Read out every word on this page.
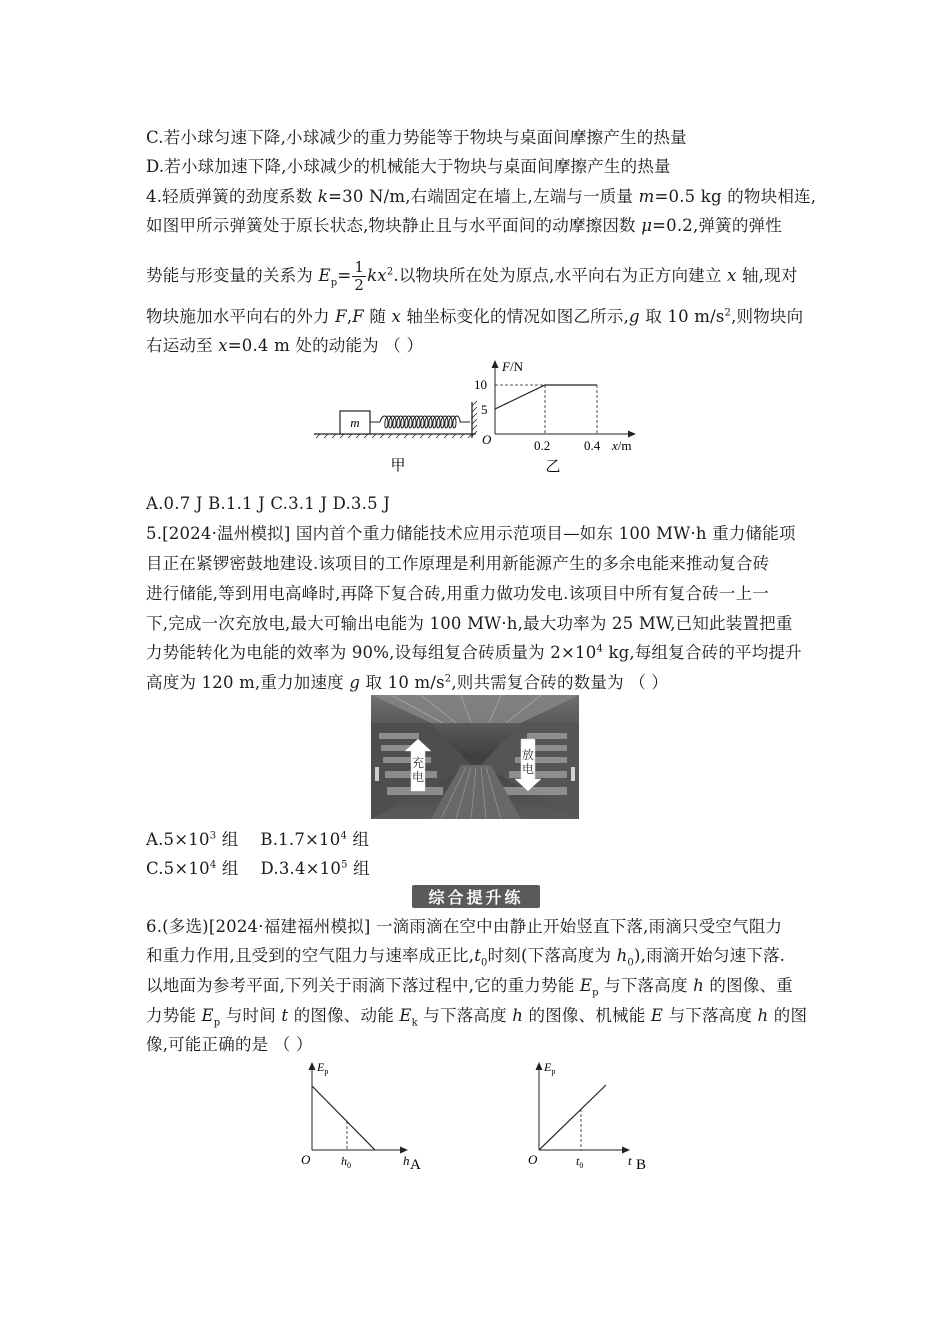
C.若小球匀速下降,小球减少的重力势能等于物块与桌面间摩擦产生的热量
D.若小球加速下降,小球减少的机械能大于物块与桌面间摩擦产生的热量
4.轻质弹簧的劲度系数 k=30 N/m,右端固定在墙上,左端与一质量 m=0.5 kg 的物块相连,
如图甲所示弹簧处于原长状态,物块静止且与水平面间的动摩擦因数 μ=0.2,弹簧的弹性
势能与形变量的关系为 $E_p= \frac{1}{2} kx^2$.以物块所在处为原点,水平向右为正方向建立 x 轴,现对
物块施加水平向右的外力 F,F 随 x 轴坐标变化的情况如图乙所示,g 取 10 $m/s^2$,则物块向
右运动至 x=0.4 m 处的动能为 （ ）
m
甲
F/N
x/m
O
10
5
0.2	0.4
乙
A.0.7 J B.1.1 J C.3.1 J D.3.5 J
5.[2024·温州模拟] 国内首个重力储能技术应用示范项目—如东 100 MW·h 重力储能项
目正在紧锣密鼓地建设.该项目的工作原理是利用新能源产生的多余电能来推动复合砖
进行储能,等到用电高峰时,再降下复合砖,用重力做功发电.该项目中所有复合砖一上一
下,完成一次充放电,最大可输出电能为 100 MW·h,最大功率为 25 MW,已知此装置把重
力势能转化为电能的效率为 90%,设每组复合砖质量为 $2\times 10^4$ kg,每组复合砖的平均提升
高度为 120 m,重力加速度 g 取 10 $m/s^2$,则共需复合砖的数量为 （ ）
充电
放电
$A.5\times 10^3$ 组 $B.1.7\times 10^4$ 组
$C.5\times 10^4$ 组 $D.3.4\times 10^5$ 组
综合提升练
6.(多选)[2024·福建福州模拟] 一滴雨滴在空中由静止开始竖直下落,雨滴只受空气阻力
和重力作用,且受到的空气阻力与速率成正比$,t_0$时刻(下落高度为 $h_0$),雨滴开始匀速下落.
以地面为参考平面,下列关于雨滴下落过程中,它的重力势能 $E_p$ 与下落高度 h 的图像、重
力势能 $E_p$ 与时间 t 的图像、动能 $E_k$ 与下落高度 h 的图像、机械能 E 与下落高度 h 的图
像,可能正确的是 （ ）
$E_p$
O	$h_0$	h A
$E_p$
O	$t_0$	t B
